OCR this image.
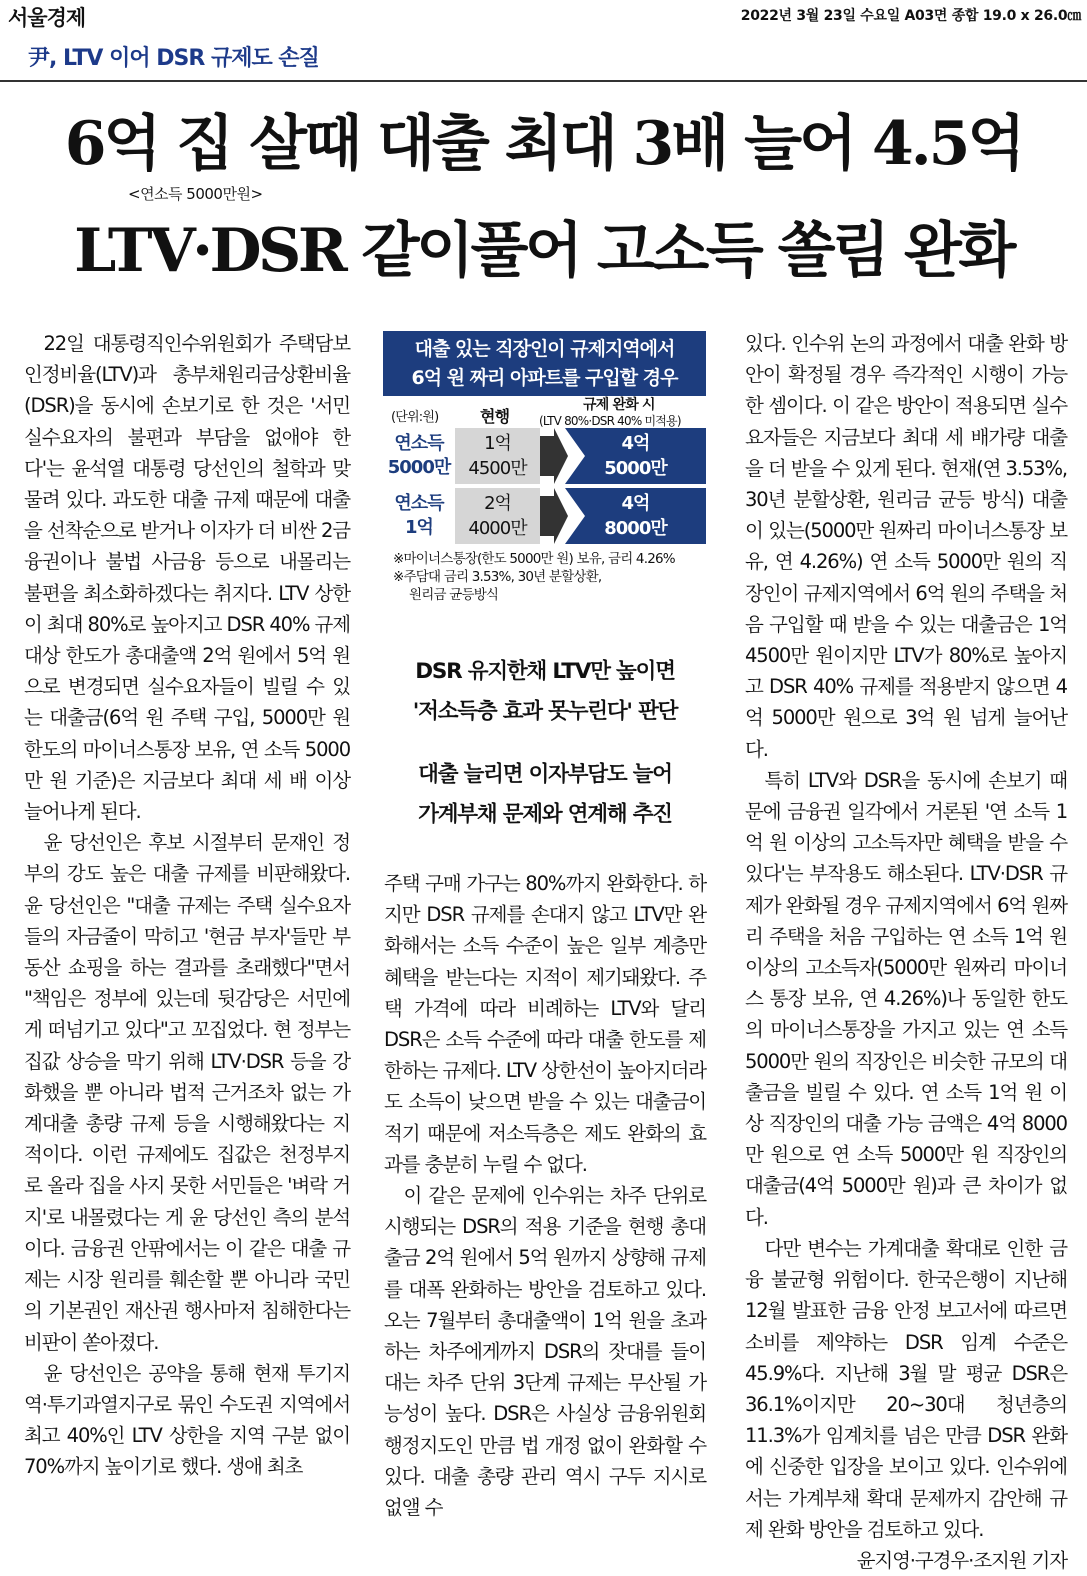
서울경제	2022년 3월 23일 수요일 A03면 종합 19.0 x 26.0㎝
尹, LTV 이어 DSR 규제도 손질
6억 집 살때 대출 최대 3배 늘어 4.5억
<연소득 5000만원>
LTV·DSR 같이풀어 고소득 쏠림 완화

22일 대통령직인수위원회가 주택담보인정비율(LTV)과 총부채원리금상환비율(DSR)을 동시에 손보기로 한 것은 '서민 실수요자의 불편과 부담을 없애야 한다'는 윤석열 대통령 당선인의 철학과 맞물려 있다. 과도한 대출 규제 때문에 대출을 선착순으로 받거나 이자가 더 비싼 2금융권이나 불법 사금융 등으로 내몰리는 불편을 최소화하겠다는 취지다. LTV 상한이 최대 80%로 높아지고 DSR 40% 규제 대상 한도가 총대출액 2억 원에서 5억 원으로 변경되면 실수요자들이 빌릴 수 있는 대출금(6억 원 주택 구입, 5000만 원 한도의 마이너스통장 보유, 연 소득 5000만 원 기준)은 지금보다 최대 세 배 이상 늘어나게 된다.

윤 당선인은 후보 시절부터 문재인 정부의 강도 높은 대출 규제를 비판해왔다. 윤 당선인은 "대출 규제는 주택 실수요자들의 자금줄이 막히고 '현금 부자'들만 부동산 쇼핑을 하는 결과를 초래했다"면서 "책임은 정부에 있는데 뒷감당은 서민에게 떠넘기고 있다"고 꼬집었다. 현 정부는 집값 상승을 막기 위해 LTV·DSR 등을 강화했을 뿐 아니라 법적 근거조차 없는 가계대출 총량 규제 등을 시행해왔다는 지적이다. 이런 규제에도 집값은 천정부지로 올라 집을 사지 못한 서민들은 '벼락 거지'로 내몰렸다는 게 윤 당선인 측의 분석이다. 금융권 안팎에서는 이 같은 대출 규제는 시장 원리를 훼손할 뿐 아니라 국민의 기본권인 재산권 행사마저 침해한다는 비판이 쏟아졌다.

윤 당선인은 공약을 통해 현재 투기지역·투기과열지구로 묶인 수도권 지역에서 최고 40%인 LTV 상한을 지역 구분 없이 70%까지 높이기로 했다. 생애 최초

대출 있는 직장인이 규제지역에서
6억 원 짜리 아파트를 구입할 경우
(단위:원)	현행
규제 완화 시
(LTV 80%·DSR 40% 미적용)
연소득
5000만
1억
4500만
4억
5000만
연소득
1억
2억
4000만
4억
8000만
※마이너스통장(한도 5000만 원) 보유, 금리 4.26%
※주담대 금리 3.53%, 30년 분할상환,
원리금 균등방식
DSR 유지한채 LTV만 높이면
'저소득층 효과 못누린다' 판단
대출 늘리면 이자부담도 늘어
가계부채 문제와 연계해 추진

주택 구매 가구는 80%까지 완화한다. 하지만 DSR 규제를 손대지 않고 LTV만 완화해서는 소득 수준이 높은 일부 계층만 혜택을 받는다는 지적이 제기돼왔다. 주택 가격에 따라 비례하는 LTV와 달리 DSR은 소득 수준에 따라 대출 한도를 제한하는 규제다. LTV 상한선이 높아지더라도 소득이 낮으면 받을 수 있는 대출금이 적기 때문에 저소득층은 제도 완화의 효과를 충분히 누릴 수 없다.

이 같은 문제에 인수위는 차주 단위로 시행되는 DSR의 적용 기준을 현행 총대출금 2억 원에서 5억 원까지 상향해 규제를 대폭 완화하는 방안을 검토하고 있다. 오는 7월부터 총대출액이 1억 원을 초과하는 차주에게까지 DSR의 잣대를 들이대는 차주 단위 3단계 규제는 무산될 가능성이 높다. DSR은 사실상 금융위원회 행정지도인 만큼 법 개정 없이 완화할 수 있다. 대출 총량 관리 역시 구두 지시로 없앨 수

있다. 인수위 논의 과정에서 대출 완화 방안이 확정될 경우 즉각적인 시행이 가능한 셈이다. 이 같은 방안이 적용되면 실수요자들은 지금보다 최대 세 배가량 대출을 더 받을 수 있게 된다. 현재(연 3.53%, 30년 분할상환, 원리금 균등 방식) 대출이 있는(5000만 원짜리 마이너스통장 보유, 연 4.26%) 연 소득 5000만 원의 직장인이 규제지역에서 6억 원의 주택을 처음 구입할 때 받을 수 있는 대출금은 1억 4500만 원이지만 LTV가 80%로 높아지고 DSR 40% 규제를 적용받지 않으면 4억 5000만 원으로 3억 원 넘게 늘어난다.

특히 LTV와 DSR을 동시에 손보기 때문에 금융권 일각에서 거론된 '연 소득 1억 원 이상의 고소득자만 혜택을 받을 수 있다'는 부작용도 해소된다. LTV·DSR 규제가 완화될 경우 규제지역에서 6억 원짜리 주택을 처음 구입하는 연 소득 1억 원 이상의 고소득자(5000만 원짜리 마이너스 통장 보유, 연 4.26%)나 동일한 한도의 마이너스통장을 가지고 있는 연 소득 5000만 원의 직장인은 비슷한 규모의 대출금을 빌릴 수 있다. 연 소득 1억 원 이상 직장인의 대출 가능 금액은 4억 8000만 원으로 연 소득 5000만 원 직장인의 대출금(4억 5000만 원)과 큰 차이가 없다.

다만 변수는 가계대출 확대로 인한 금융 불균형 위험이다. 한국은행이 지난해 12월 발표한 금융 안정 보고서에 따르면 소비를 제약하는 DSR 임계 수준은 45.9%다. 지난해 3월 말 평균 DSR은 36.1%이지만 20~30대 청년층의 11.3%가 임계치를 넘은 만큼 DSR 완화에 신중한 입장을 보이고 있다. 인수위에서는 가계부채 확대 문제까지 감안해 규제 완화 방안을 검토하고 있다.
윤지영·구경우·조지원 기자
